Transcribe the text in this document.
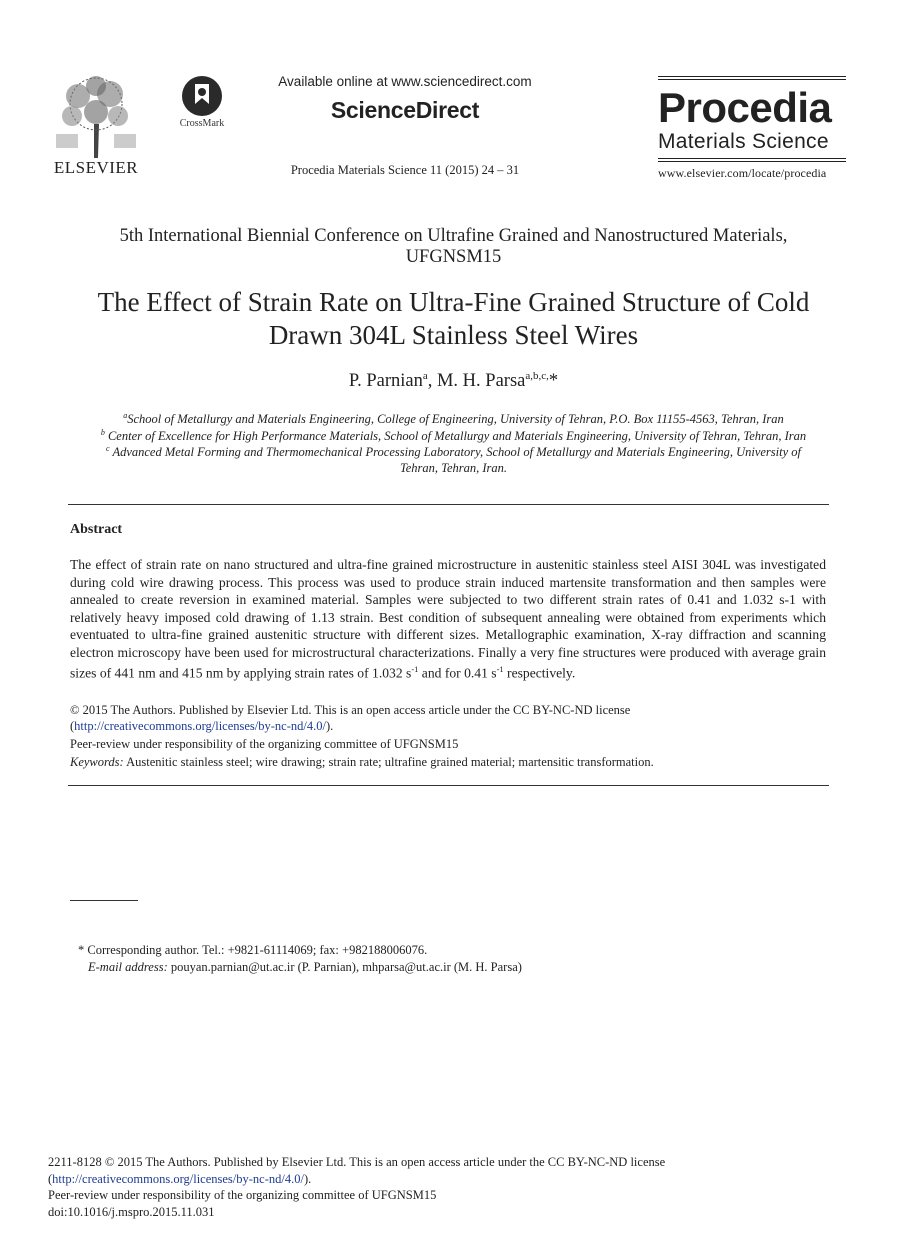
ELSEVIER
CrossMark
Available online at www.sciencedirect.com
ScienceDirect
Procedia Materials Science 11 (2015) 24 – 31
Procedia
Materials Science
www.elsevier.com/locate/procedia
5th International Biennial Conference on Ultrafine Grained and Nanostructured Materials,
UFGNSM15
The Effect of Strain Rate on Ultra-Fine Grained Structure of Cold
Drawn 304L Stainless Steel Wires
P. Parnian$^a$, M. H. Parsa$^{a,b,c,}$*
$^a$School of Metallurgy and Materials Engineering, College of Engineering, University of Tehran, P.O. Box 11155-4563, Tehran, Iran
$^b$ Center of Excellence for High Performance Materials, School of Metallurgy and Materials Engineering, University of Tehran, Tehran, Iran
$^c$ Advanced Metal Forming and Thermomechanical Processing Laboratory, School of Metallurgy and Materials Engineering, University of
Tehran, Tehran, Iran.
Abstract
The effect of strain rate on nano structured and ultra-fine grained microstructure in austenitic stainless steel AISI 304L was investigated during cold wire drawing process. This process was used to produce strain induced martensite transformation and then samples were annealed to create reversion in examined material. Samples were subjected to two different strain rates of 0.41 and 1.032 s-1 with relatively heavy imposed cold drawing of 1.13 strain. Best condition of subsequent annealing were obtained from experiments which eventuated to ultra-fine grained austenitic structure with different sizes. Metallographic examination, X-ray diffraction and scanning electron microscopy have been used for microstructural characterizations. Finally a very fine structures were produced with average grain sizes of 441 nm and 415 nm by applying strain rates of 1.032 $s^{-1}$ and for 0.41 $s^{-1}$ respectively.
© 2015 The Authors. Published by Elsevier Ltd. This is an open access article under the CC BY-NC-ND license
(http://creativecommons.org/licenses/by-nc-nd/4.0/).
Peer-review under responsibility of the organizing committee of UFGNSM15
Keywords: Austenitic stainless steel; wire drawing; strain rate; ultrafine grained material; martensitic transformation.
* Corresponding author. Tel.: +9821-61114069; fax: +982188006076.
E-mail address: pouyan.parnian@ut.ac.ir (P. Parnian), mhparsa@ut.ac.ir (M. H. Parsa)
2211-8128 © 2015 The Authors. Published by Elsevier Ltd. This is an open access article under the CC BY-NC-ND license
(http://creativecommons.org/licenses/by-nc-nd/4.0/).
Peer-review under responsibility of the organizing committee of UFGNSM15
doi:10.1016/j.mspro.2015.11.031
